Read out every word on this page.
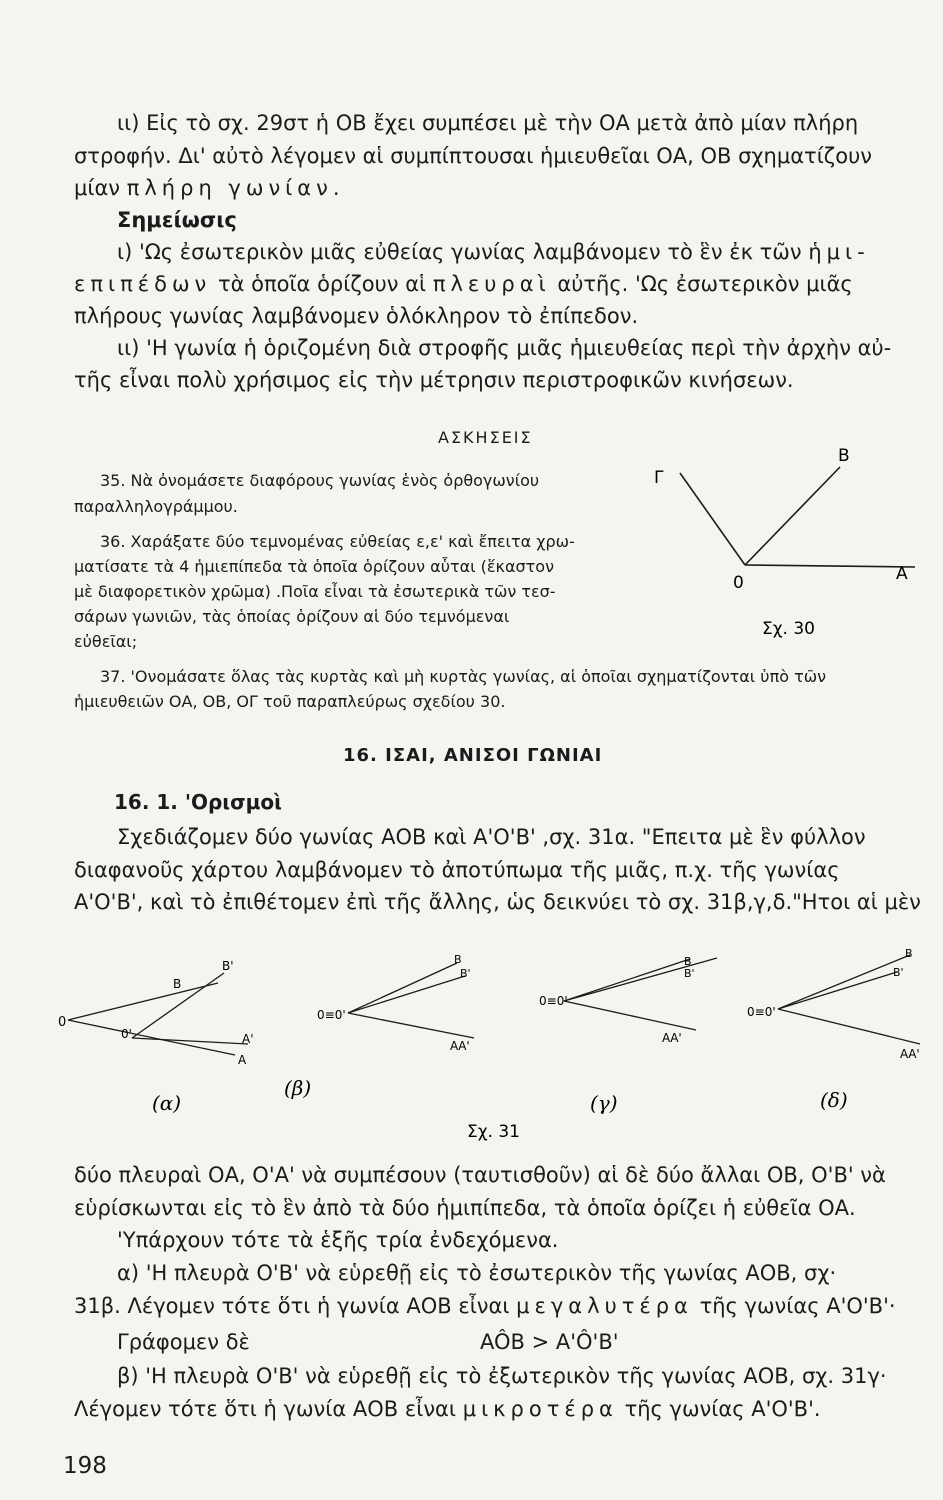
ιι) Εἰς τὸ σχ. 29στ ἡ ΟΒ ἔχει συμπέσει μὲ τὴν ΟΑ μετὰ ἀπὸ μίαν πλήρη
στροφήν. Δι' αὐτὸ λέγομεν αἱ συμπίπτουσαι ἡμιευθεῖαι ΟΑ, ΟΒ σχηματίζουν
μίαν πλήρη γωνίαν.
Σημείωσις
ι) 'Ως ἐσωτερικὸν μιᾶς εὐθείας γωνίας λαμβάνομεν τὸ ἓν ἐκ τῶν ἡμι-
επιπέδων τὰ ὁποῖα ὁρίζουν αἱ πλευραὶ αὐτῆς. 'Ως ἐσωτερικὸν μιᾶς
πλήρους γωνίας λαμβάνομεν ὁλόκληρον τὸ ἐπίπεδον.
ιι) 'Η γωνία ἡ ὁριζομένη διὰ στροφῆς μιᾶς ἡμιευθείας περὶ τὴν ἀρχὴν αὐ-
τῆς εἶναι πολὺ χρήσιμος εἰς τὴν μέτρησιν περιστροφικῶν κινήσεων.
ΑΣΚΗΣΕΙΣ
35. Νὰ ὀνομάσετε διαφόρους γωνίας ἑνὸς ὀρθογωνίου
παραλληλογράμμου.
36. Χαράξατε δύο τεμνομένας εὐθείας ε,ε' καὶ ἔπειτα χρω-
ματίσατε τὰ 4 ἡμιεπίπεδα τὰ ὁποῖα ὁρίζουν αὗται (ἕκαστον
μὲ διαφορετικὸν χρῶμα) .Ποῖα εἶναι τὰ ἐσωτερικὰ τῶν τεσ-
σάρων γωνιῶν, τὰς ὁποίας ὁρίζουν αἱ δύο τεμνόμεναι
εὐθεῖαι;
37. 'Ονομάσατε ὅλας τὰς κυρτὰς καὶ μὴ κυρτὰς γωνίας, αἱ ὁποῖαι σχηματίζονται ὑπὸ τῶν
ἡμιευθειῶν ΟΑ, ΟΒ, ΟΓ τοῦ παραπλεύρως σχεδίου 30.
Γ
Β
0	Α
Σχ. 30
16. ΙΣΑΙ, ΑΝΙΣΟΙ ΓΩΝΙΑΙ
16. 1. 'Ορισμοὶ
Σχεδιάζομεν δύο γωνίας ΑΟΒ καὶ Α'Ο'Β' ,σχ. 31α. "Επειτα μὲ ἓν φύλλον
διαφανοῦς χάρτου λαμβάνομεν τὸ ἀποτύπωμα τῆς μιᾶς, π.χ. τῆς γωνίας
Α'Ο'Β', καὶ τὸ ἐπιθέτομεν ἐπὶ τῆς ἄλλης, ὡς δεικνύει τὸ σχ. 31β,γ,δ."Ητοι αἱ μὲν
0
Β
Β'
0'
Α
Α'
(α)
0≡0'
Β
Β'
ΑΑ'
(β)
0≡0'
Β
Β'
ΑΑ'
(γ)
0≡0'
Β
Β'
ΑΑ'
(δ)
Σχ. 31
δύο πλευραὶ ΟΑ, Ο'Α' νὰ συμπέσουν (ταυτισθοῦν) αἱ δὲ δύο ἄλλαι ΟΒ, Ο'Β' νὰ
εὑρίσκωνται εἰς τὸ ἓν ἀπὸ τὰ δύο ἡμιπίπεδα, τὰ ὁποῖα ὁρίζει ἡ εὐθεῖα ΟΑ.
'Υπάρχουν τότε τὰ ἑξῆς τρία ἐνδεχόμενα.
α) 'Η πλευρὰ Ο'Β' νὰ εὑρεθῇ εἰς τὸ ἐσωτερικὸν τῆς γωνίας ΑΟΒ, σχ·
31β. Λέγομεν τότε ὅτι ἡ γωνία ΑΟΒ εἶναι μεγαλυτέρα τῆς γωνίας Α'Ο'Β'·
Γράφομεν δὲ	AÔB > A'Ô'B'
β) 'Η πλευρὰ Ο'Β' νὰ εὑρεθῇ εἰς τὸ ἐξωτερικὸν τῆς γωνίας ΑΟΒ, σχ. 31γ·
Λέγομεν τότε ὅτι ἡ γωνία ΑΟΒ εἶναι μικροτέρα τῆς γωνίας Α'Ο'Β'.
198
